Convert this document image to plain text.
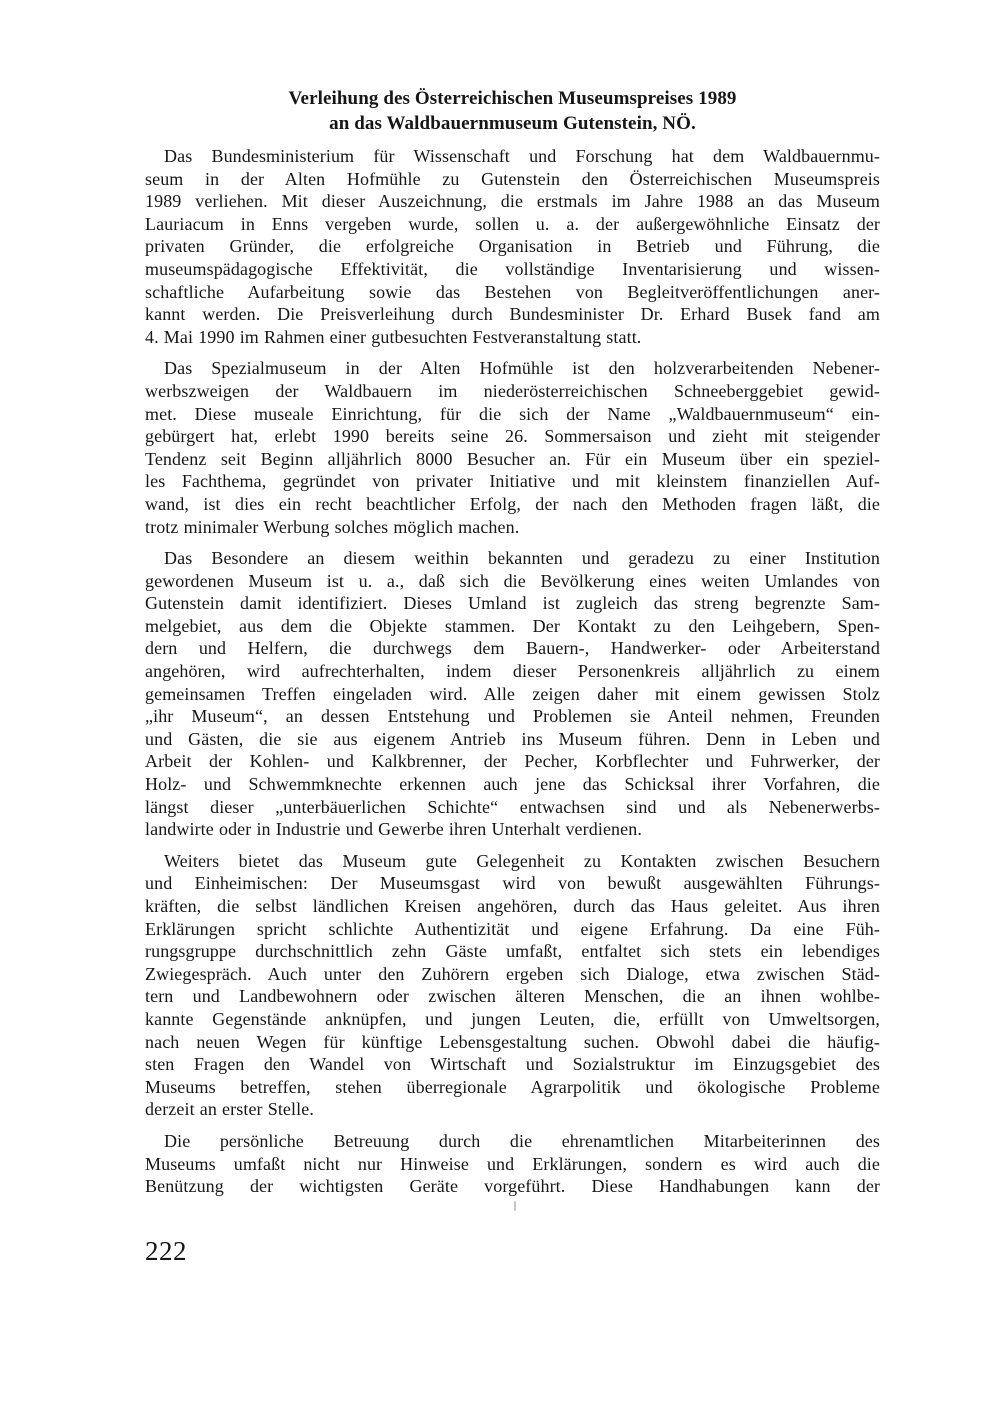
Verleihung des Österreichischen Museumspreises 1989
an das Waldbauernmuseum Gutenstein, NÖ.
Das Bundesministerium für Wissenschaft und Forschung hat dem Waldbauernmu-
seum in der Alten Hofmühle zu Gutenstein den Österreichischen Museumspreis
1989 verliehen. Mit dieser Auszeichnung, die erstmals im Jahre 1988 an das Museum
Lauriacum in Enns vergeben wurde, sollen u. a. der außergewöhnliche Einsatz der
privaten Gründer, die erfolgreiche Organisation in Betrieb und Führung, die
museumspädagogische Effektivität, die vollständige Inventarisierung und wissen-
schaftliche Aufarbeitung sowie das Bestehen von Begleitveröffentlichungen aner-
kannt werden. Die Preisverleihung durch Bundesminister Dr. Erhard Busek fand am
4. Mai 1990 im Rahmen einer gutbesuchten Festveranstaltung statt.
Das Spezialmuseum in der Alten Hofmühle ist den holzverarbeitenden Nebener-
werbszweigen der Waldbauern im niederösterreichischen Schneeberggebiet gewid-
met. Diese museale Einrichtung, für die sich der Name „Waldbauernmuseum“ ein-
gebürgert hat, erlebt 1990 bereits seine 26. Sommersaison und zieht mit steigender
Tendenz seit Beginn alljährlich 8000 Besucher an. Für ein Museum über ein speziel-
les Fachthema, gegründet von privater Initiative und mit kleinstem finanziellen Auf-
wand, ist dies ein recht beachtlicher Erfolg, der nach den Methoden fragen läßt, die
trotz minimaler Werbung solches möglich machen.
Das Besondere an diesem weithin bekannten und geradezu zu einer Institution
gewordenen Museum ist u. a., daß sich die Bevölkerung eines weiten Umlandes von
Gutenstein damit identifiziert. Dieses Umland ist zugleich das streng begrenzte Sam-
melgebiet, aus dem die Objekte stammen. Der Kontakt zu den Leihgebern, Spen-
dern und Helfern, die durchwegs dem Bauern-, Handwerker- oder Arbeiterstand
angehören, wird aufrechterhalten, indem dieser Personenkreis alljährlich zu einem
gemeinsamen Treffen eingeladen wird. Alle zeigen daher mit einem gewissen Stolz
„ihr Museum“, an dessen Entstehung und Problemen sie Anteil nehmen, Freunden
und Gästen, die sie aus eigenem Antrieb ins Museum führen. Denn in Leben und
Arbeit der Kohlen- und Kalkbrenner, der Pecher, Korbflechter und Fuhrwerker, der
Holz- und Schwemmknechte erkennen auch jene das Schicksal ihrer Vorfahren, die
längst dieser „unterbäuerlichen Schichte“ entwachsen sind und als Nebenerwerbs-
landwirte oder in Industrie und Gewerbe ihren Unterhalt verdienen.
Weiters bietet das Museum gute Gelegenheit zu Kontakten zwischen Besuchern
und Einheimischen: Der Museumsgast wird von bewußt ausgewählten Führungs-
kräften, die selbst ländlichen Kreisen angehören, durch das Haus geleitet. Aus ihren
Erklärungen spricht schlichte Authentizität und eigene Erfahrung. Da eine Füh-
rungsgruppe durchschnittlich zehn Gäste umfaßt, entfaltet sich stets ein lebendiges
Zwiegespräch. Auch unter den Zuhörern ergeben sich Dialoge, etwa zwischen Städ-
tern und Landbewohnern oder zwischen älteren Menschen, die an ihnen wohlbe-
kannte Gegenstände anknüpfen, und jungen Leuten, die, erfüllt von Umweltsorgen,
nach neuen Wegen für künftige Lebensgestaltung suchen. Obwohl dabei die häufig-
sten Fragen den Wandel von Wirtschaft und Sozialstruktur im Einzugsgebiet des
Museums betreffen, stehen überregionale Agrarpolitik und ökologische Probleme
derzeit an erster Stelle.
Die persönliche Betreuung durch die ehrenamtlichen Mitarbeiterinnen des
Museums umfaßt nicht nur Hinweise und Erklärungen, sondern es wird auch die
Benützung der wichtigsten Geräte vorgeführt. Diese Handhabungen kann der
222
